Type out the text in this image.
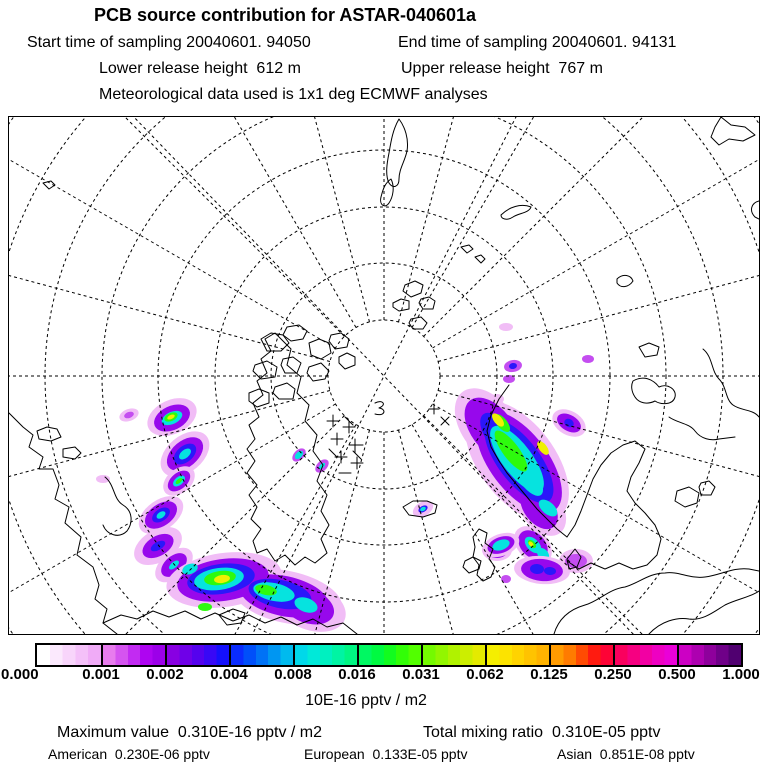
PCB source contribution for ASTAR-040601a
Start time of sampling 20040601. 94050	End time of sampling 20040601. 94131
Lower release height  612 m	Upper release height  767 m
Meteorological data used is 1x1 deg ECMWF analyses
0.000	0.001 0.002 0.004 0.008 0.016 0.031 0.062 0.125 0.250 0.500 1.000
10E-16 pptv / m2
Maximum value  0.310E-16 pptv / m2	Total mixing ratio  0.310E-05 pptv
American  0.230E-06 pptv	European  0.133E-05 pptv	Asian  0.851E-08 pptv
